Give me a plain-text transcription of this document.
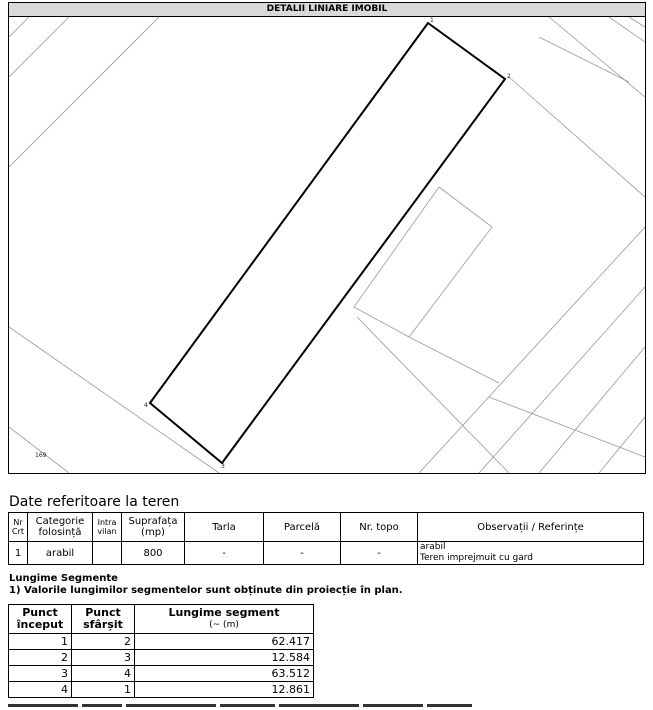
DETALII LINIARE IMOBIL
1
2
3
4
169
Date referitoare la teren
Nr Crt	Categorie folosință	Intra vilan	Suprafața (mp)	Tarla	Parcelă	Nr. topo	Observații / Referințe
1	arabil		800	-	-	-	arabil
Teren imprejmuit cu gard
Lungime Segmente
1) Valorile lungimilor segmentelor sunt obținute din proiecție în plan.
Punct început	Punct sfârșit	Lungime segment
(~ (m)

1	2	62.417
2	3	12.584
3	4	63.512
4	1	12.861
